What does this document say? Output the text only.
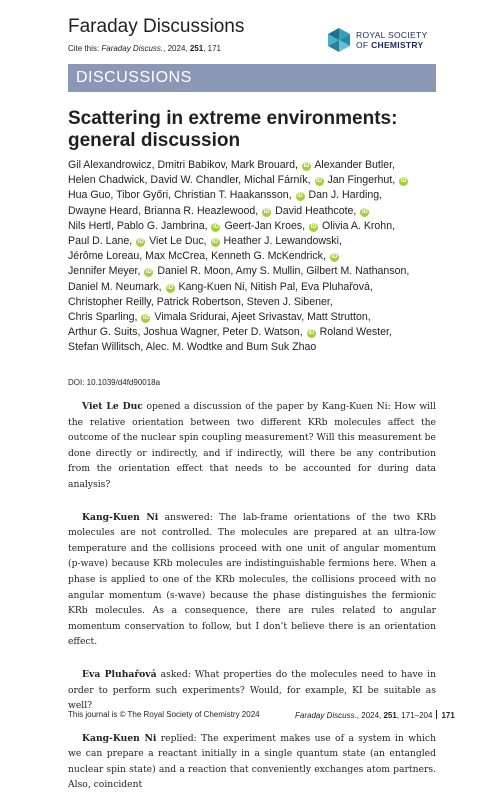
Faraday Discussions
Cite this: Faraday Discuss., 2024, 251, 171
ROYAL SOCIETY
OF CHEMISTRY
DISCUSSIONS
Scattering in extreme environments:
general discussion
Gil Alexandrowicz, Dmitri Babikov, Mark Brouard, iD Alexander Butler,
Helen Chadwick, David W. Chandler, Michal Fárník, iD Jan Fingerhut, iD
Hua Guo, Tibor Győri, Christian T. Haakansson, iD Dan J. Harding,
Dwayne Heard, Brianna R. Heazlewood, iD David Heathcote, iD
Nils Hertl, Pablo G. Jambrina, iD Geert-Jan Kroes, iD Olivia A. Krohn,
Paul D. Lane, iD Viet Le Duc, iD Heather J. Lewandowski,
Jérôme Loreau, Max McCrea, Kenneth G. McKendrick, iD
Jennifer Meyer, iD Daniel R. Moon, Amy S. Mullin, Gilbert M. Nathanson,
Daniel M. Neumark, iD Kang-Kuen Ni, Nitish Pal, Eva Pluhařová,
Christopher Reilly, Patrick Robertson, Steven J. Sibener,
Chris Sparling, iD Vimala Sridurai, Ajeet Srivastav, Matt Strutton,
Arthur G. Suits, Joshua Wagner, Peter D. Watson, iD Roland Wester,
Stefan Willitsch, Alec. M. Wodtke and Bum Suk Zhao
DOI: 10.1039/d4fd90018a

Viet Le Duc opened a discussion of the paper by Kang-Kuen Ni: How will the relative orientation between two different KRb molecules affect the outcome of the nuclear spin coupling measurement? Will this measurement be done directly or indirectly, and if indirectly, will there be any contribution from the orientation effect that needs to be accounted for during data analysis?

Kang-Kuen Ni answered: The lab-frame orientations of the two KRb molecules are not controlled. The molecules are prepared at an ultra-low temperature and the collisions proceed with one unit of angular momentum (p-wave) because KRb molecules are indistinguishable fermions here. When a phase is applied to one of the KRb molecules, the collisions proceed with no angular momentum (s-wave) because the phase distinguishes the fermionic KRb molecules. As a consequence, there are rules related to angular momentum conservation to follow, but I don’t believe there is an orientation effect.

Eva Pluhařová asked: What properties do the molecules need to have in order to perform such experiments? Would, for example, KI be suitable as well?

Kang-Kuen Ni replied: The experiment makes use of a system in which we can prepare a reactant initially in a single quantum state (an entangled nuclear spin state) and a reaction that conveniently exchanges atom partners. Also, coincident

This journal is © The Royal Society of Chemistry 2024	Faraday Discuss., 2024, 251, 171–204 171
